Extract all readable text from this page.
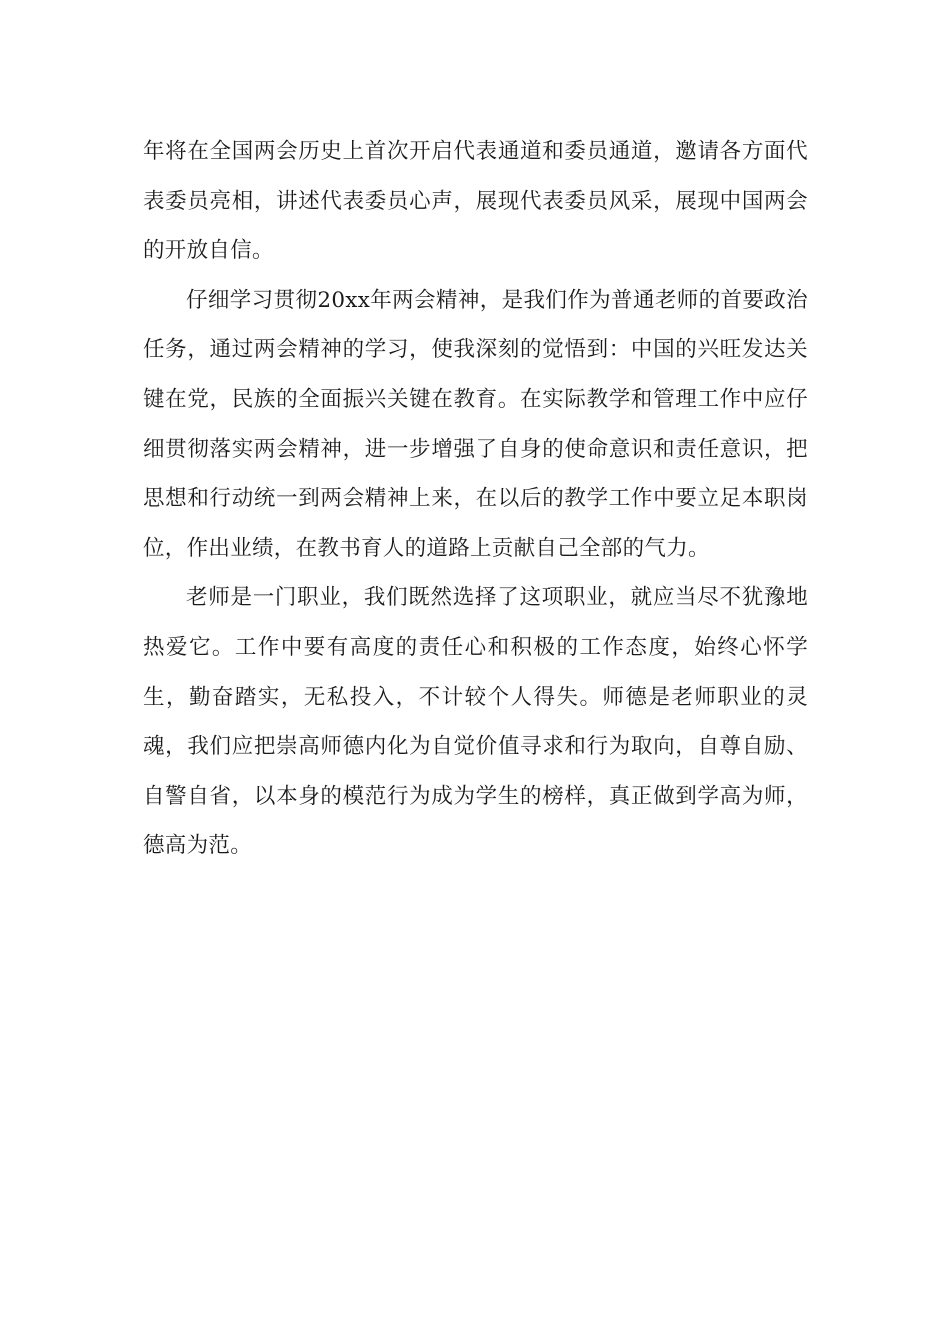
年将在全国两会历史上首次开启代表通道和委员通道，邀请各方面代表委员亮相，讲述代表委员心声，展现代表委员风采，展现中国两会的开放自信。

仔细学习贯彻20xx年两会精神，是我们作为普通老师的首要政治任务，通过两会精神的学习，使我深刻的觉悟到：中国的兴旺发达关键在党，民族的全面振兴关键在教育。在实际教学和管理工作中应仔细贯彻落实两会精神，进一步增强了自身的使命意识和责任意识，把思想和行动统一到两会精神上来，在以后的教学工作中要立足本职岗位，作出业绩，在教书育人的道路上贡献自己全部的气力。

老师是一门职业，我们既然选择了这项职业，就应当尽不犹豫地热爱它。工作中要有高度的责任心和积极的工作态度，始终心怀学生，勤奋踏实，无私投入，不计较个人得失。师德是老师职业的灵魂，我们应把崇高师德内化为自觉价值寻求和行为取向，自尊自励、自警自省，以本身的模范行为成为学生的榜样，真正做到学高为师，德高为范。
